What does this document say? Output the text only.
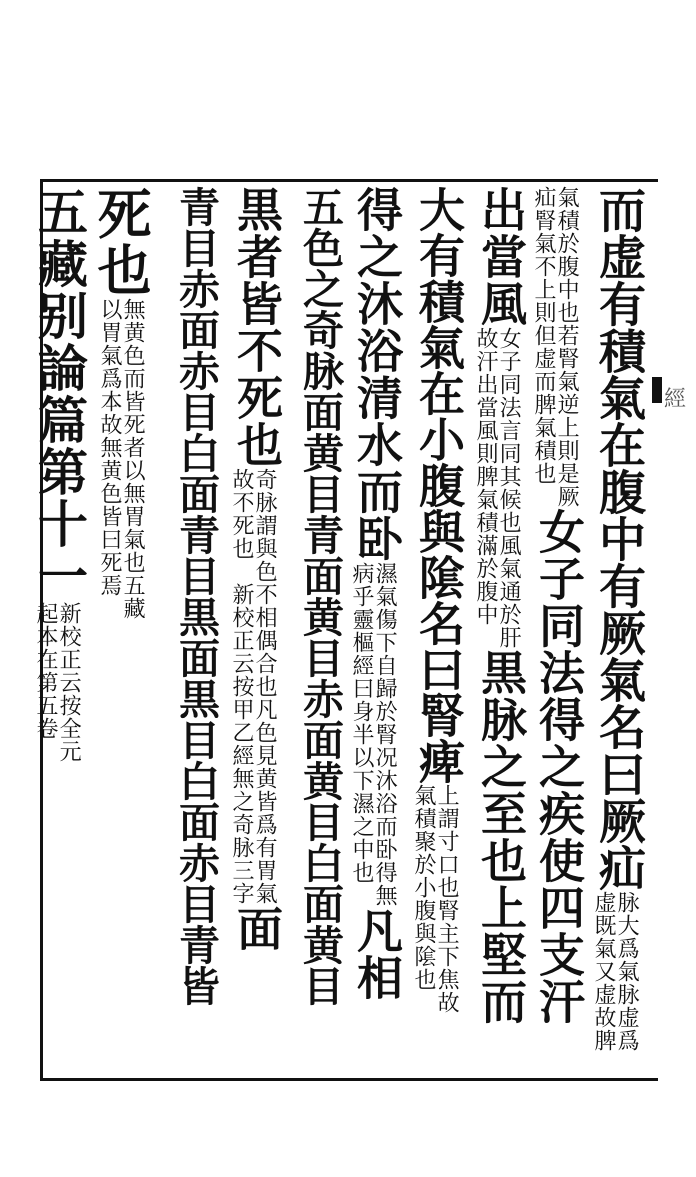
而虚有積氣在腹中有厥氣名曰厥疝
脉大爲氣脉虚爲
虚既氣又虚故脾
氣積於腹中也若腎氣逆上則是厥
疝腎氣不上則但虚而脾氣積也
女子同法得之疾使四支汗
出當風
女子同法言同其候也風氣通於肝
故汗出當風則脾氣積滿於腹中
黒脉之至也上堅而
大有積氣在小腹與隂名曰腎痺
上謂寸口也腎主下焦故
氣積聚於小腹與隂也
得之沐浴清水而卧
濕氣傷下自歸於腎况沐浴而卧得無
病乎靈樞經曰身半以下濕之中也
凡相
五色之奇脉面黄目青面黄目赤面黄目白面黄目
黒者皆不死也
奇脉謂與色不相偶合也凡色見黄皆爲有胃氣
故不死也　新校正云按甲乙經無之奇脉三字
面
青目赤面赤目白面青目黒面黒目白面赤目青皆
死也
無黄色而皆死者以無胃氣也五藏
以胃氣爲本故無黄色皆曰死焉
五藏别論篇第十一
新校正云按全元
起本在第五卷
經
